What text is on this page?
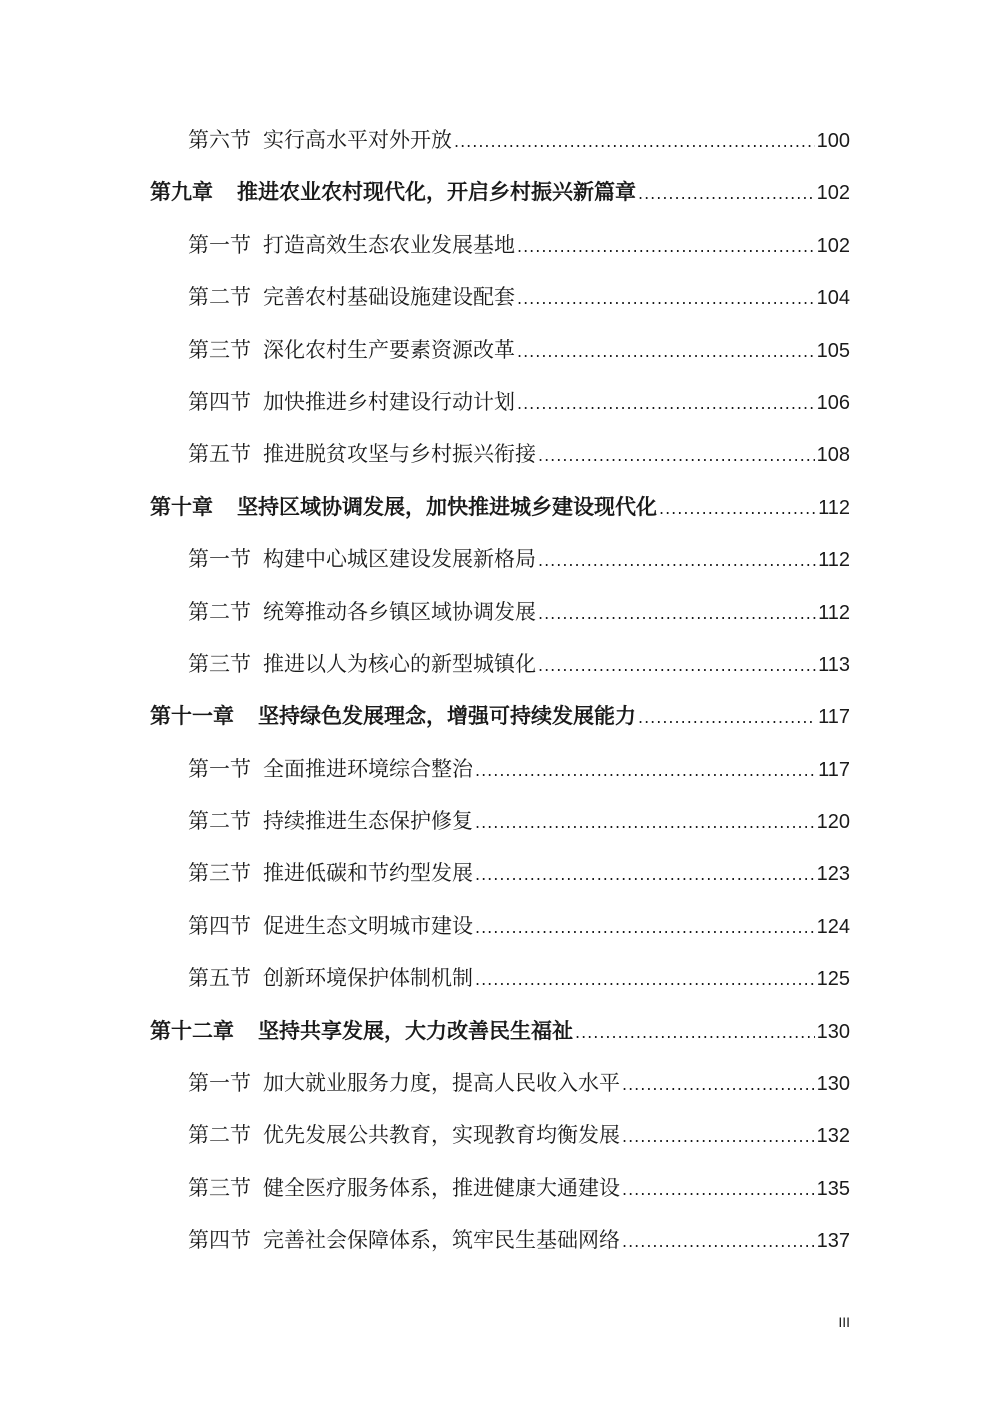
第六节 实行高水平对外开放 .....	100
第九章 推进农业农村现代化，开启乡村振兴新篇章 .....	102
第一节 打造高效生态农业发展基地 .....	102
第二节 完善农村基础设施建设配套 .....	104
第三节 深化农村生产要素资源改革 .....	105
第四节 加快推进乡村建设行动计划 .....	106
第五节 推进脱贫攻坚与乡村振兴衔接 .....	108
第十章 坚持区域协调发展，加快推进城乡建设现代化 .....	112
第一节 构建中心城区建设发展新格局 .....	112
第二节 统筹推动各乡镇区域协调发展 .....	112
第三节 推进以人为核心的新型城镇化 .....	113
第十一章 坚持绿色发展理念，增强可持续发展能力 .....	117
第一节 全面推进环境综合整治 .....	117
第二节 持续推进生态保护修复 .....	120
第三节 推进低碳和节约型发展 .....	123
第四节 促进生态文明城市建设 .....	124
第五节 创新环境保护体制机制 .....	125
第十二章 坚持共享发展，大力改善民生福祉 .....	130
第一节 加大就业服务力度，提高人民收入水平 .....	130
第二节 优先发展公共教育，实现教育均衡发展 .....	132
第三节 健全医疗服务体系，推进健康大通建设 .....	135
第四节 完善社会保障体系，筑牢民生基础网络 .....	137
III
